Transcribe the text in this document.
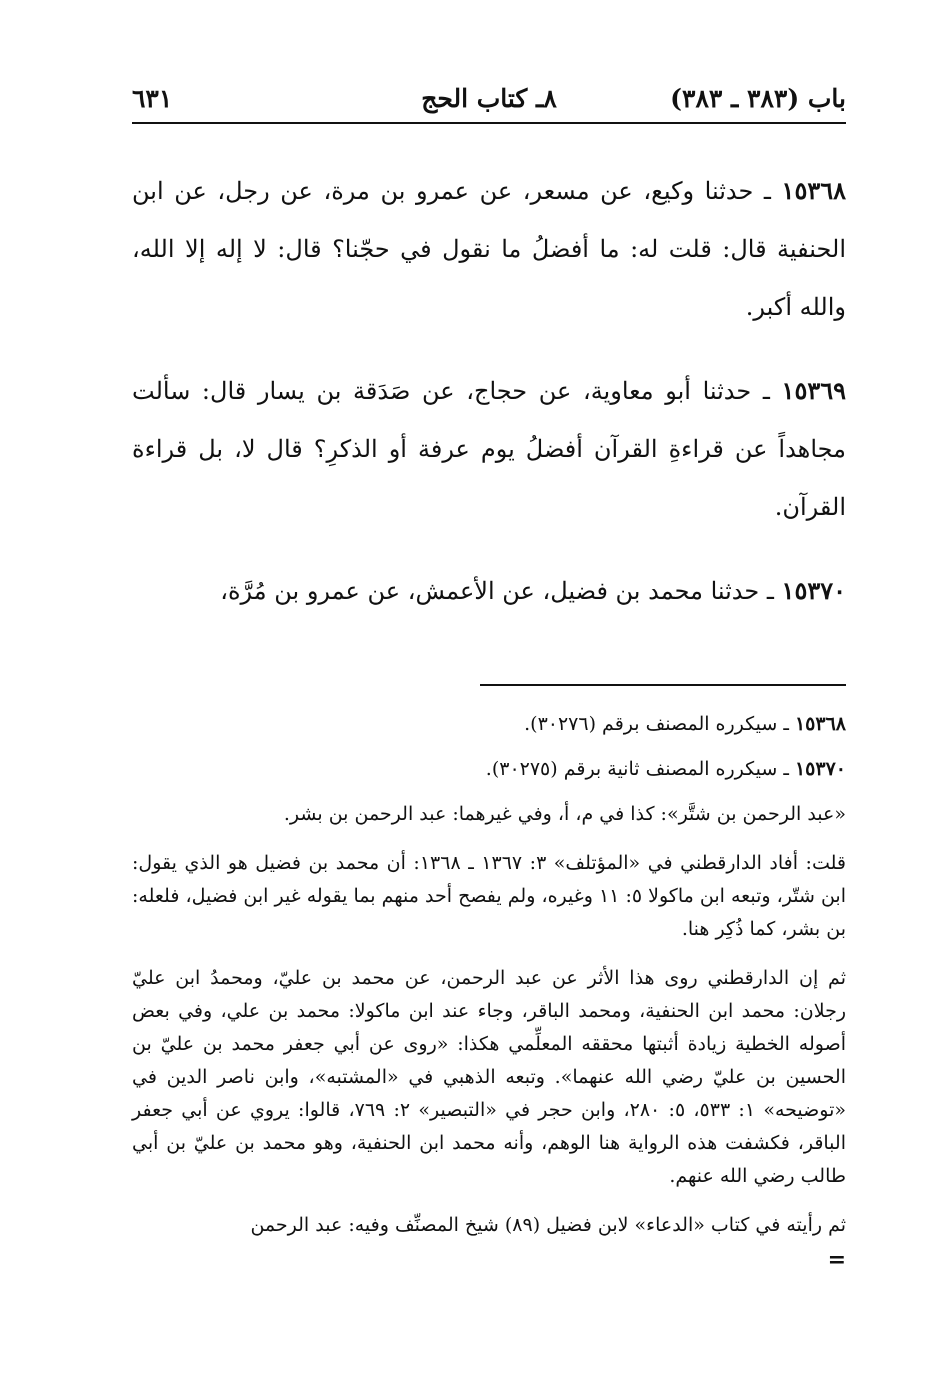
باب (٣٨٣ ـ ٣٨٣)
٨ـ كتاب الحج
٦٣١

١٥٣٦٨ ـ حدثنا وكيع، عن مسعر، عن عمرو بن مرة، عن رجل، عن ابن الحنفية قال: قلت له: ما أفضلُ ما نقول في حجّنا؟ قال: لا إله إلا الله، والله أكبر.

١٥٣٦٩ ـ حدثنا أبو معاوية، عن حجاج، عن صَدَقة بن يسار قال: سألت مجاهداً عن قراءةِ القرآن أفضلُ يوم عرفة أو الذكرِ؟ قال لا، بل قراءة القرآن.

١٥٣٧٠ ـ حدثنا محمد بن فضيل، عن الأعمش، عن عمرو بن مُرَّة،

١٥٣٦٨ ـ سيكرره المصنف برقم (٣٠٢٧٦).

١٥٣٧٠ ـ سيكرره المصنف ثانية برقم (٣٠٢٧٥).

«عبد الرحمن بن شتَّر»: كذا في م، أ، وفي غيرهما: عبد الرحمن بن بشر.

قلت: أفاد الدارقطني في «المؤتلف» ٣: ١٣٦٧ ـ ١٣٦٨: أن محمد بن فضيل هو الذي يقول: ابن شتّر، وتبعه ابن ماكولا ٥: ١١ وغيره، ولم يفصح أحد منهم بما يقوله غير ابن فضيل، فلعله: بن بشر، كما ذُكِر هنا.

ثم إن الدارقطني روى هذا الأثر عن عبد الرحمن، عن محمد بن عليّ، ومحمدُ ابن عليّ رجلان: محمد ابن الحنفية، ومحمد الباقر، وجاء عند ابن ماكولا: محمد بن علي، وفي بعض أصوله الخطية زيادة أثبتها محققه المعلِّمي هكذا: «روى عن أبي جعفر محمد بن عليّ بن الحسين بن عليّ رضي الله عنهما». وتبعه الذهبي في «المشتبه»، وابن ناصر الدين في «توضيحه» ١: ٥٣٣، ٥: ٢٨٠، وابن حجر في «التبصير» ٢: ٧٦٩، قالوا: يروي عن أبي جعفر الباقر، فكشفت هذه الرواية هنا الوهم، وأنه محمد ابن الحنفية، وهو محمد بن عليّ بن أبي طالب رضي الله عنهم.

ثم رأيته في كتاب «الدعاء» لابن فضيل (٨٩) شيخ المصنِّف وفيه: عبد الرحمن

=
